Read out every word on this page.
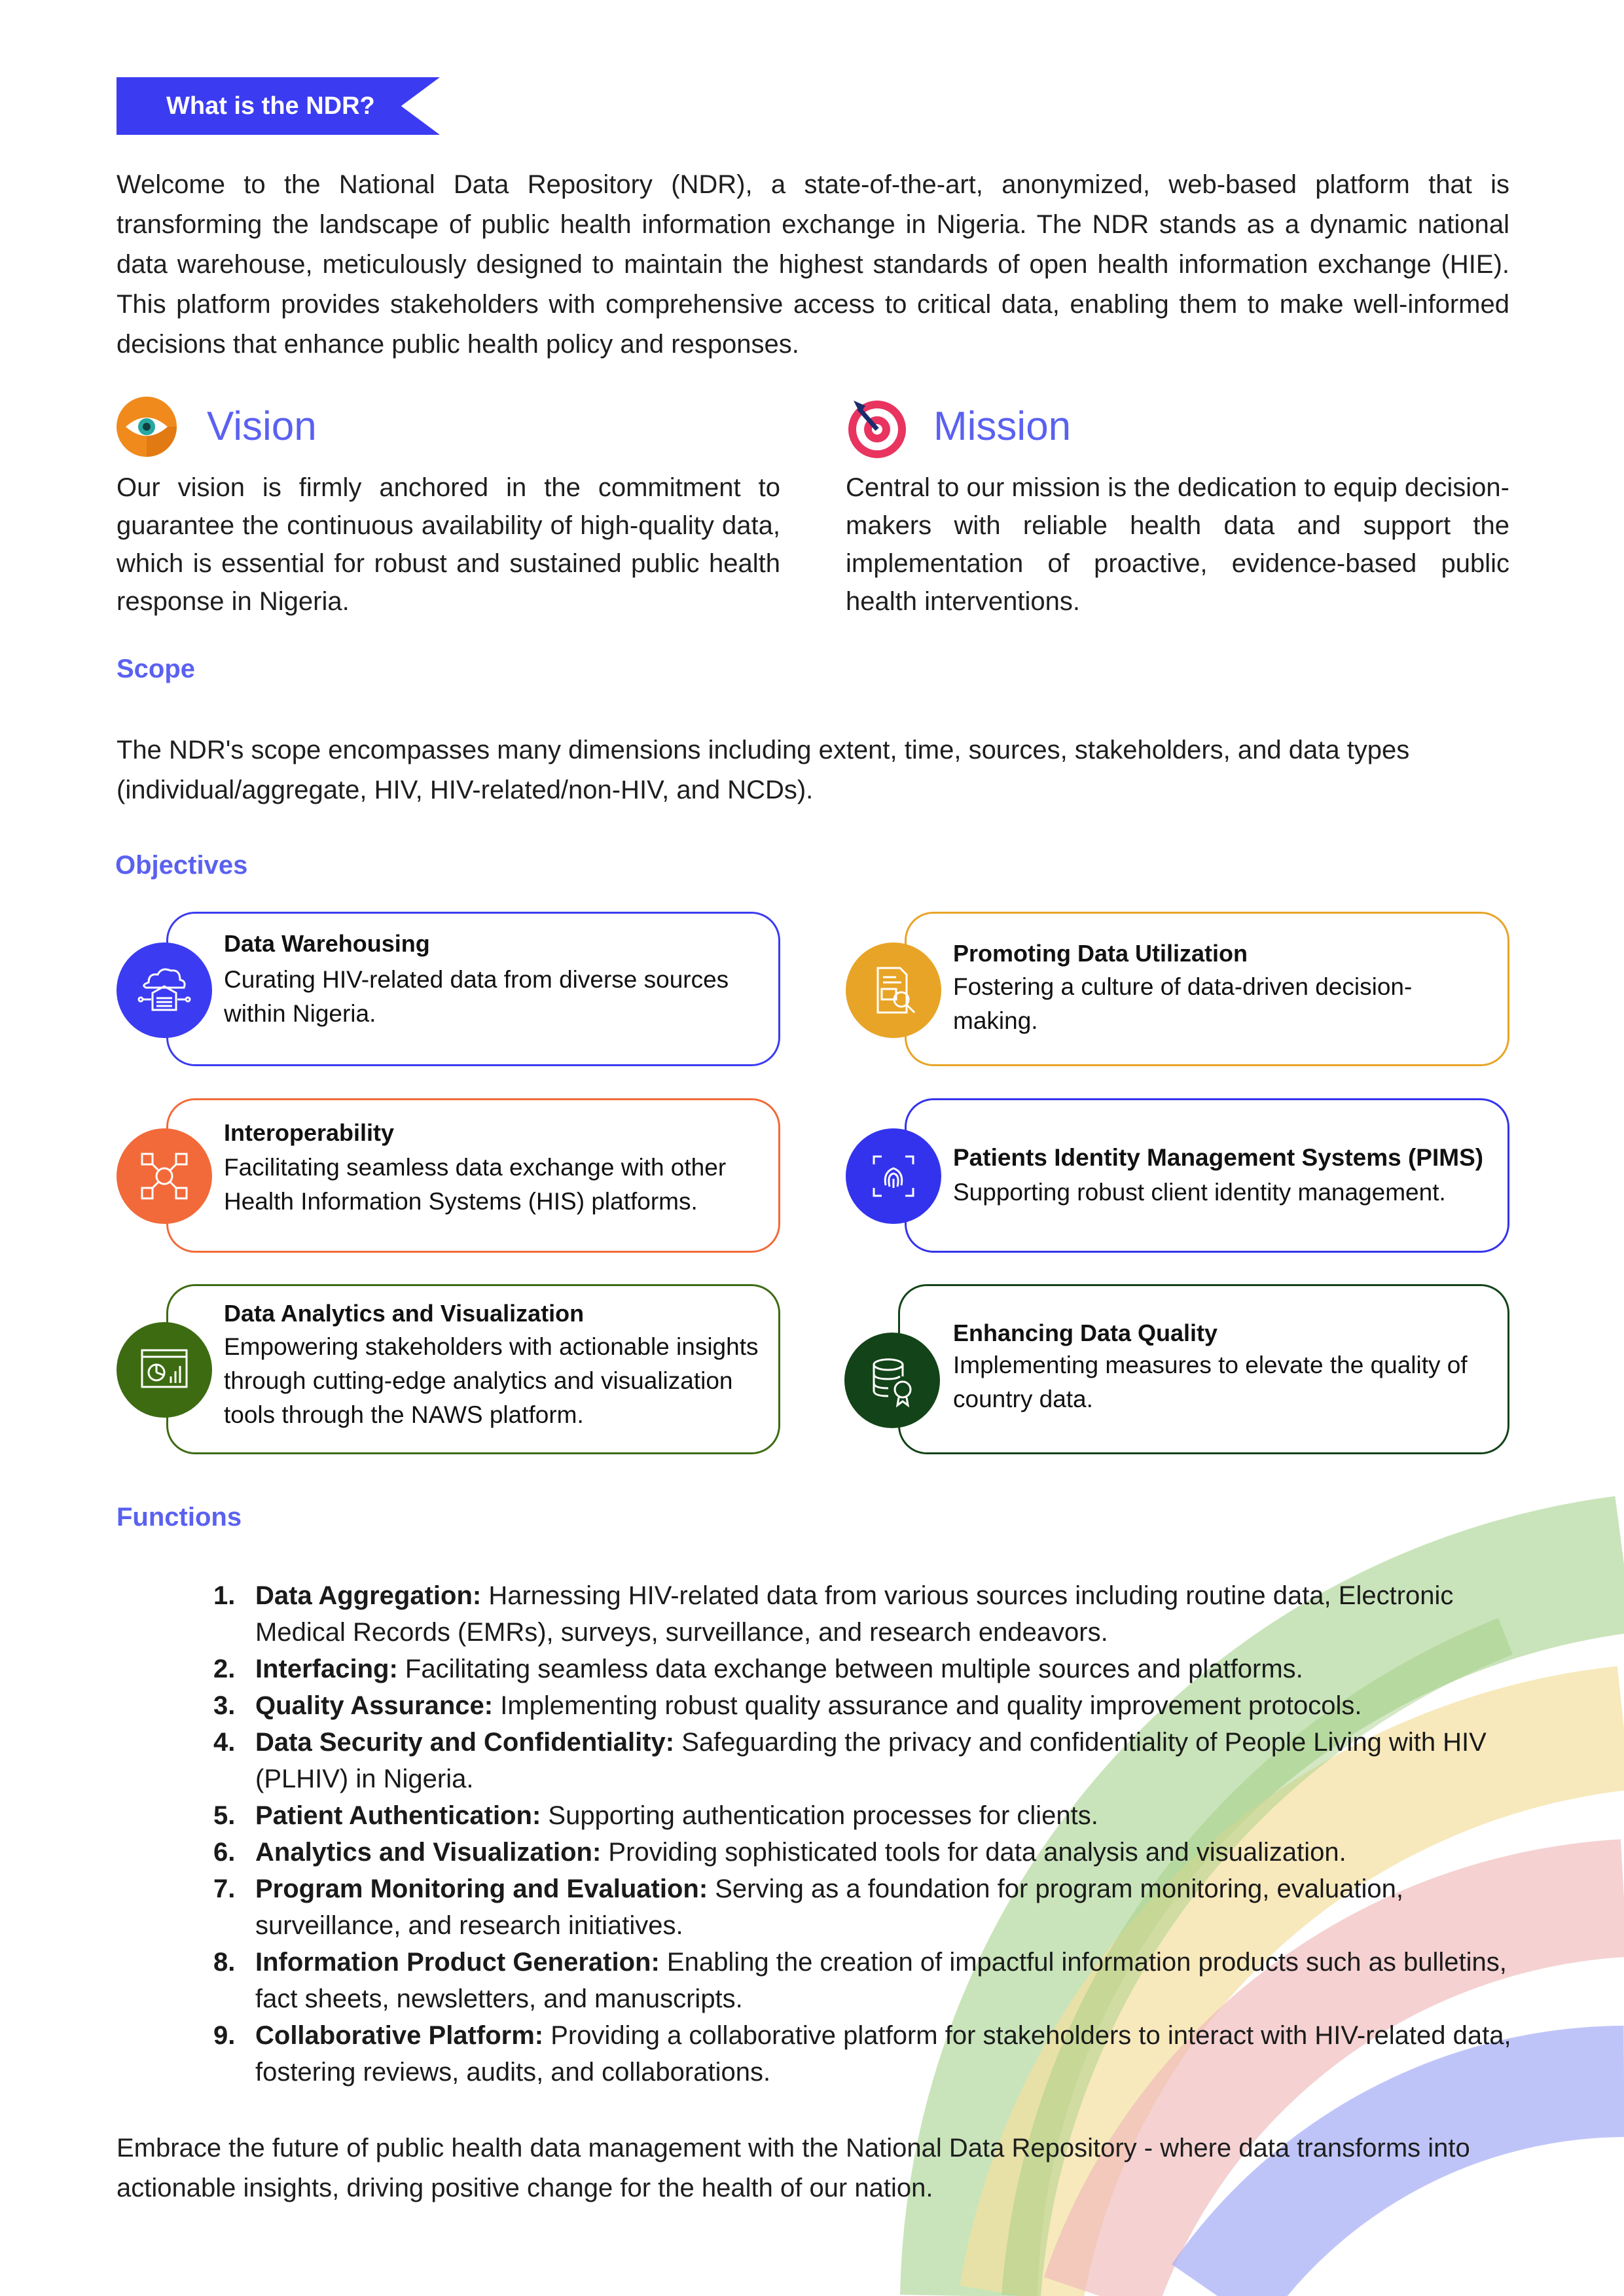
What is the NDR?
Welcome to the National Data Repository (NDR), a state-of-the-art, anonymized, web-based platform that is transforming the landscape of public health information exchange in Nigeria. The NDR stands as a dynamic national data warehouse, meticulously designed to maintain the highest standards of open health information exchange (HIE). This platform provides stakeholders with comprehensive access to critical data, enabling them to make well-informed decisions that enhance public health policy and responses.
Vision
Our vision is firmly anchored in the commitment to guarantee the continuous availability of high-quality data, which is essential for robust and sustained public health response in Nigeria.
Mission
Central to our mission is the dedication to equip decision-makers with reliable health data and support the implementation of proactive, evidence-based public health interventions.
Scope
The NDR's scope encompasses many dimensions including extent, time, sources, stakeholders, and data types (individual/aggregate, HIV, HIV-related/non-HIV, and NCDs).
Objectives
Data Warehousing
Curating HIV-related data from diverse sources within Nigeria.
Promoting Data Utilization
Fostering a culture of data-driven decision-making.
Interoperability
Facilitating seamless data exchange with other Health Information Systems (HIS) platforms.
Patients Identity Management Systems (PIMS)
Supporting robust client identity management.
Data Analytics and Visualization
Empowering stakeholders with actionable insights through cutting-edge analytics and visualization tools through the NAWS platform.
Enhancing Data Quality
Implementing measures to elevate the quality of country data.
Functions
1. Data Aggregation: Harnessing HIV-related data from various sources including routine data, Electronic Medical Records (EMRs), surveys, surveillance, and research endeavors.
2. Interfacing: Facilitating seamless data exchange between multiple sources and platforms.
3. Quality Assurance: Implementing robust quality assurance and quality improvement protocols.
4. Data Security and Confidentiality: Safeguarding the privacy and confidentiality of People Living with HIV (PLHIV) in Nigeria.
5. Patient Authentication: Supporting authentication processes for clients.
6. Analytics and Visualization: Providing sophisticated tools for data analysis and visualization.
7. Program Monitoring and Evaluation: Serving as a foundation for program monitoring, evaluation, surveillance, and research initiatives.
8. Information Product Generation: Enabling the creation of impactful information products such as bulletins, fact sheets, newsletters, and manuscripts.
9. Collaborative Platform: Providing a collaborative platform for stakeholders to interact with HIV-related data, fostering reviews, audits, and collaborations.
Embrace the future of public health data management with the National Data Repository - where data transforms into actionable insights, driving positive change for the health of our nation.
